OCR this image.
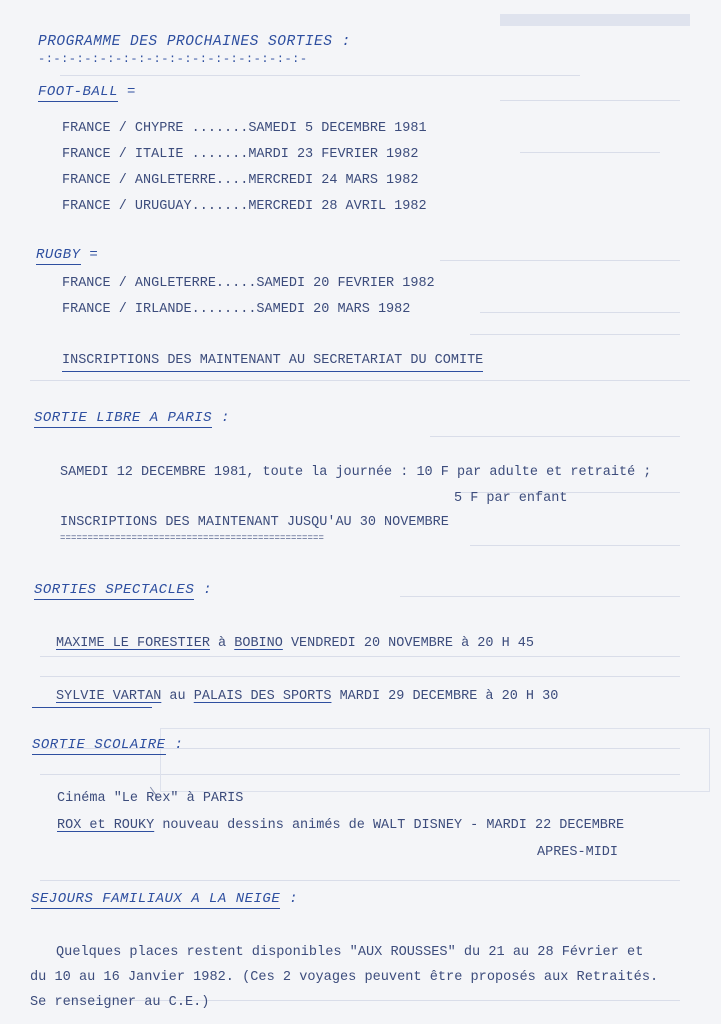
PROGRAMME DES PROCHAINES SORTIES :
-:-:-:-:-:-:-:-:-:-:-:-:-:-:-:-:-:-
FOOT-BALL =
FRANCE / CHYPRE .......SAMEDI 5 DECEMBRE 1981
FRANCE / ITALIE .......MARDI 23 FEVRIER 1982
FRANCE / ANGLETERRE....MERCREDI 24 MARS 1982
FRANCE / URUGUAY.......MERCREDI 28 AVRIL 1982
RUGBY =
FRANCE / ANGLETERRE.....SAMEDI 20 FEVRIER 1982
FRANCE / IRLANDE........SAMEDI 20 MARS 1982
INSCRIPTIONS DES MAINTENANT AU SECRETARIAT DU COMITE
SORTIE LIBRE A PARIS :
SAMEDI 12 DECEMBRE 1981, toute la journée : 10 F par adulte et retraité ;
5 F par enfant
INSCRIPTIONS DES MAINTENANT JUSQU'AU 30 NOVEMBRE
================================================
SORTIES SPECTACLES :
MAXIME LE FORESTIER à BOBINO VENDREDI 20 NOVEMBRE à 20 H 45
SYLVIE VARTAN au PALAIS DES SPORTS MARDI 29 DECEMBRE à 20 H 30
SORTIE SCOLAIRE :
Cinéma "Le Rex" à PARIS
ROX et ROUKY nouveau dessins animés de WALT DISNEY - MARDI 22 DECEMBRE
APRES-MIDI
SEJOURS FAMILIAUX A LA NEIGE :
Quelques places restent disponibles "AUX ROUSSES" du 21 au 28 Février et
du 10 au 16 Janvier 1982. (Ces 2 voyages peuvent être proposés aux Retraités.
Se renseigner au C.E.)
